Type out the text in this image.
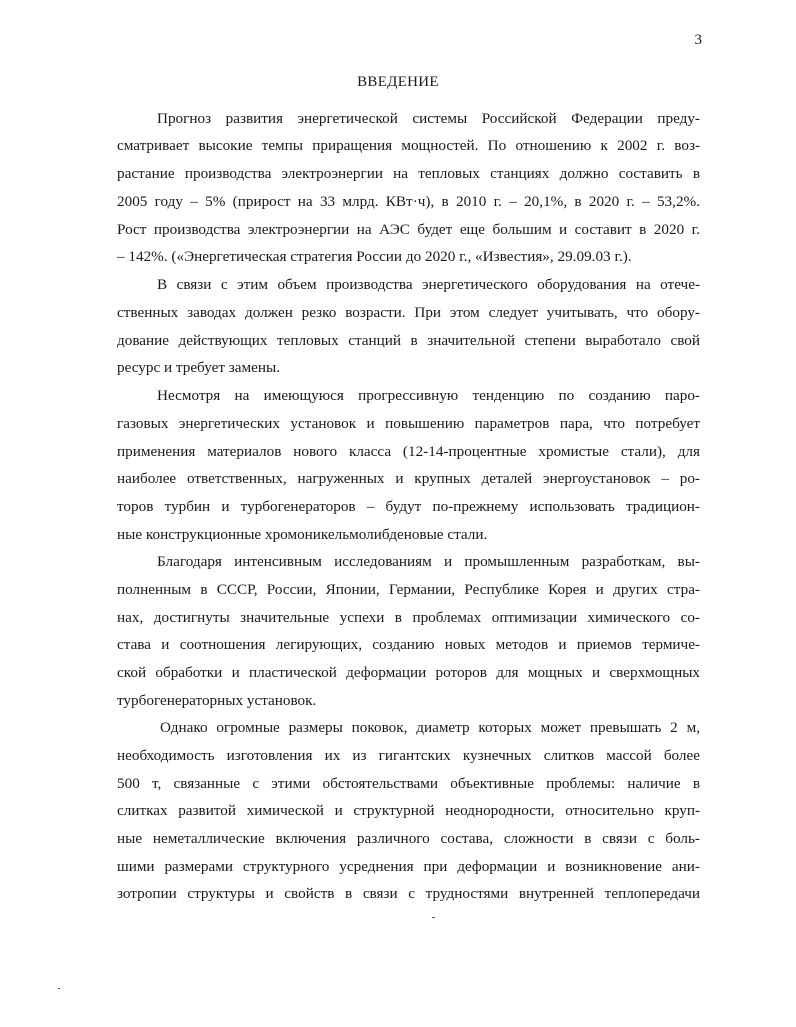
3
ВВЕДЕНИЕ
Прогноз развития энергетической системы Российской Федерации преду-
сматривает высокие темпы приращения мощностей. По отношению к 2002 г. воз-
растание производства электроэнергии на тепловых станциях должно составить в
2005 году – 5% (прирост на 33 млрд. КВт·ч), в 2010 г. – 20,1%, в 2020 г. – 53,2%.
Рост производства электроэнергии на АЭС будет еще большим и составит в 2020 г.
– 142%. («Энергетическая стратегия России до 2020 г., «Известия», 29.09.03 г.).
В связи с этим объем производства энергетического оборудования на отече-
ственных заводах должен резко возрасти. При этом следует учитывать, что обору-
дование действующих тепловых станций в значительной степени выработало свой
ресурс и требует замены.
Несмотря на имеющуюся прогрессивную тенденцию по созданию паро-
газовых энергетических установок и повышению параметров пара, что потребует
применения материалов нового класса (12-14-процентные хромистые стали), для
наиболее ответственных, нагруженных и крупных деталей энергоустановок – ро-
торов турбин и турбогенераторов – будут по-прежнему использовать традицион-
ные конструкционные хромоникельмолибденовые стали.
Благодаря интенсивным исследованиям и промышленным разработкам, вы-
полненным в СССР, России, Японии, Германии, Республике Корея и других стра-
нах, достигнуты значительные успехи в проблемах оптимизации химического со-
става и соотношения легирующих, созданию новых методов и приемов термиче-
ской обработки и пластической деформации роторов для мощных и сверхмощных
турбогенераторных установок.
Однако огромные размеры поковок, диаметр которых может превышать 2 м,
необходимость изготовления их из гигантских кузнечных слитков массой более
500 т, связанные с этими обстоятельствами объективные проблемы: наличие в
слитках развитой химической и структурной неоднородности, относительно круп-
ные неметаллические включения различного состава, сложности в связи с боль-
шими размерами структурного усреднения при деформации и возникновение ани-
зотропии структуры и свойств в связи с трудностями внутренней теплопередачи
